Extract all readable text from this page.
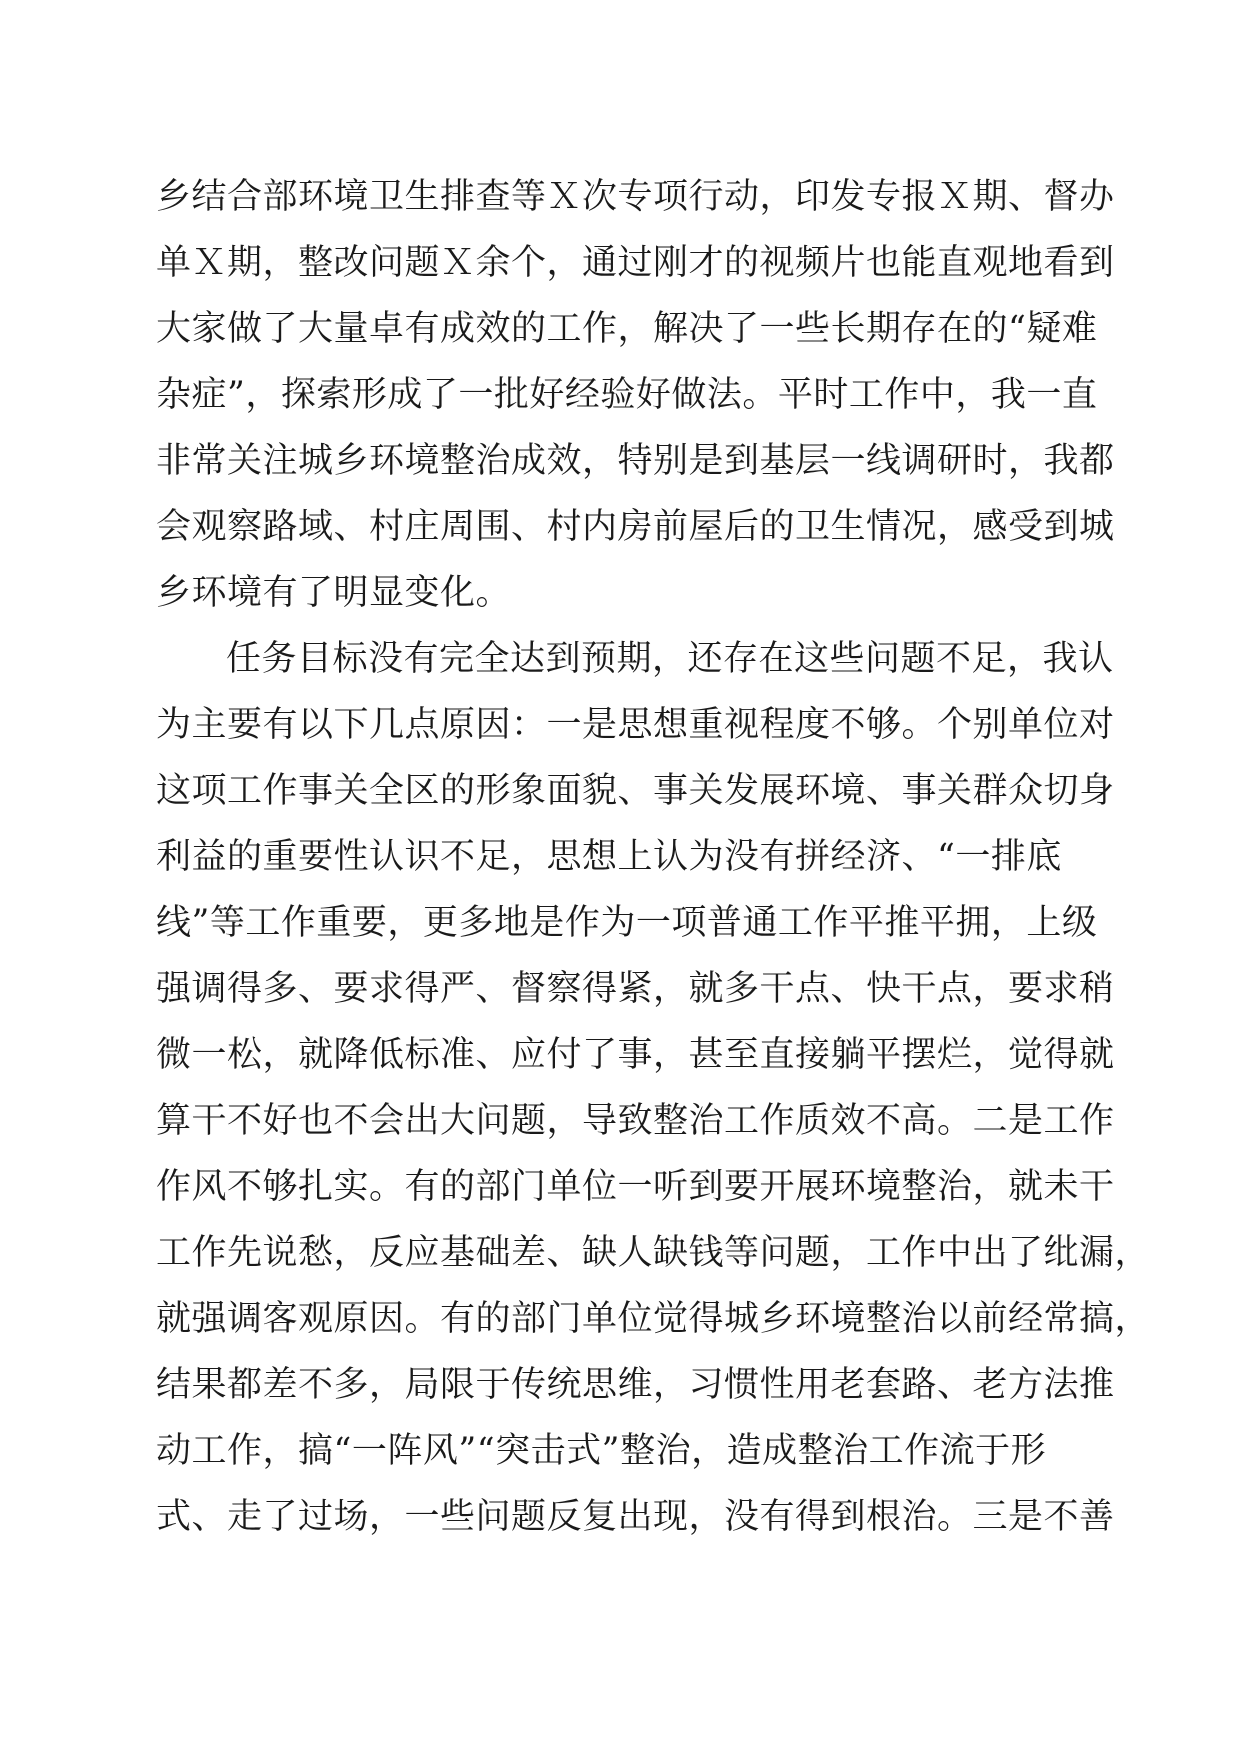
乡结合部环境卫生排查等Ｘ次专项行动，印发专报Ｘ期、督办
单Ｘ期，整改问题Ｘ余个，通过刚才的视频片也能直观地看到
大家做了大量卓有成效的工作，解决了一些长期存在的“疑难
杂症”，探索形成了一批好经验好做法。平时工作中，我一直
非常关注城乡环境整治成效，特别是到基层一线调研时，我都
会观察路域、村庄周围、村内房前屋后的卫生情况，感受到城
乡环境有了明显变化。
任务目标没有完全达到预期，还存在这些问题不足，我认
为主要有以下几点原因：一是思想重视程度不够。个别单位对
这项工作事关全区的形象面貌、事关发展环境、事关群众切身
利益的重要性认识不足，思想上认为没有拼经济、“一排底
线”等工作重要，更多地是作为一项普通工作平推平拥，上级
强调得多、要求得严、督察得紧，就多干点、快干点，要求稍
微一松，就降低标准、应付了事，甚至直接躺平摆烂，觉得就
算干不好也不会出大问题，导致整治工作质效不高。二是工作
作风不够扎实。有的部门单位一听到要开展环境整治，就未干
工作先说愁，反应基础差、缺人缺钱等问题，工作中出了纰漏，
就强调客观原因。有的部门单位觉得城乡环境整治以前经常搞，
结果都差不多，局限于传统思维，习惯性用老套路、老方法推
动工作，搞“一阵风”“突击式”整治，造成整治工作流于形
式、走了过场，一些问题反复出现，没有得到根治。三是不善
